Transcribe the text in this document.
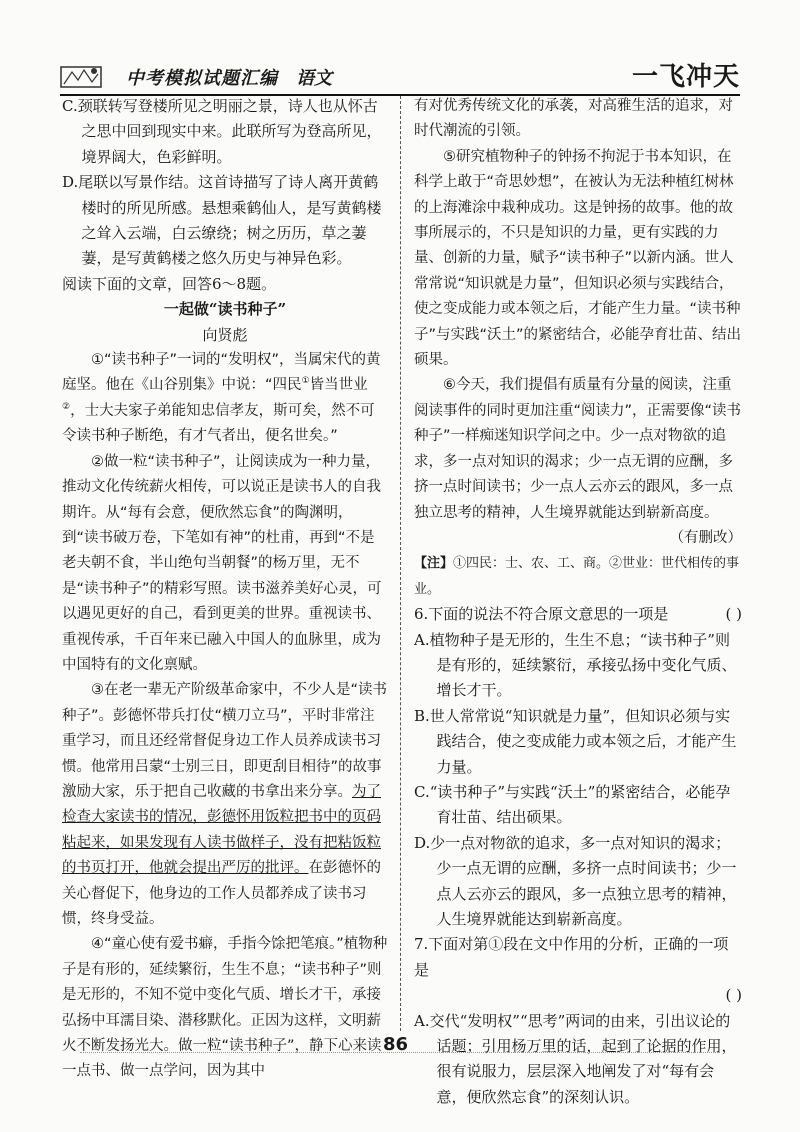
中考模拟试题汇编 语文	一飞冲天

C.颈联转写登楼所见之明丽之景，诗人也从怀古之思中回到现实中来。此联所写为登高所见，境界阔大，色彩鲜明。

D.尾联以写景作结。这首诗描写了诗人离开黄鹤楼时的所见所感。悬想乘鹤仙人，是写黄鹤楼之耸入云端，白云缭绕；树之历历，草之萋萋，是写黄鹤楼之悠久历史与神异色彩。

阅读下面的文章，回答6～8题。

一起做“读书种子”

向贤彪

①“读书种子”一词的“发明权”，当属宋代的黄庭坚。他在《山谷别集》中说：“四民①皆当世业②，士大夫家子弟能知忠信孝友，斯可矣，然不可令读书种子断绝，有才气者出，便名世矣。”

②做一粒“读书种子”，让阅读成为一种力量，推动文化传统薪火相传，可以说正是读书人的自我期许。从“每有会意，便欣然忘食”的陶渊明，到“读书破万卷，下笔如有神”的杜甫，再到“不是老夫朝不食，半山绝句当朝餐”的杨万里，无不是“读书种子”的精彩写照。读书滋养美好心灵，可以遇见更好的自己，看到更美的世界。重视读书、重视传承，千百年来已融入中国人的血脉里，成为中国特有的文化禀赋。

③在老一辈无产阶级革命家中，不少人是“读书种子”。彭德怀带兵打仗“横刀立马”，平时非常注重学习，而且还经常督促身边工作人员养成读书习惯。他常用吕蒙“士别三日，即更刮目相待”的故事激励大家，乐于把自己收藏的书拿出来分享。为了检查大家读书的情况，彭德怀用饭粒把书中的页码粘起来，如果发现有人读书做样子，没有把粘饭粒的书页打开，他就会提出严厉的批评。在彭德怀的关心督促下，他身边的工作人员都养成了读书习惯，终身受益。

④“童心使有爱书癖，手指今馀把笔痕。”植物种子是有形的，延续繁衍，生生不息；“读书种子”则是无形的，不知不觉中变化气质、增长才干，承接弘扬中耳濡目染、潜移默化。正因为这样，文明薪火不断发扬光大。做一粒“读书种子”，静下心来读一点书、做一点学问，因为其中

有对优秀传统文化的承袭，对高雅生活的追求，对时代潮流的引领。

⑤研究植物种子的钟扬不拘泥于书本知识，在科学上敢于“奇思妙想”，在被认为无法种植红树林的上海滩涂中栽种成功。这是钟扬的故事。他的故事所展示的，不只是知识的力量，更有实践的力量、创新的力量，赋予“读书种子”以新内涵。世人常常说“知识就是力量”，但知识必须与实践结合，使之变成能力或本领之后，才能产生力量。“读书种子”与实践“沃土”的紧密结合，必能孕育壮苗、结出硕果。

⑥今天，我们提倡有质量有分量的阅读，注重阅读事件的同时更加注重“阅读力”，正需要像“读书种子”一样痴迷知识学问之中。少一点对物欲的追求，多一点对知识的渴求；少一点无谓的应酬，多挤一点时间读书；少一点人云亦云的跟风，多一点独立思考的精神，人生境界就能达到崭新高度。

（有删改）

【注】①四民：士、农、工、商。②世业：世代相传的事业。

6.下面的说法不符合原文意思的一项是	( )

A.植物种子是无形的，生生不息；“读书种子”则是有形的，延续繁衍，承接弘扬中变化气质、增长才干。

B.世人常常说“知识就是力量”，但知识必须与实践结合，使之变成能力或本领之后，才能产生力量。

C.“读书种子”与实践“沃土”的紧密结合，必能孕育壮苗、结出硕果。

D.少一点对物欲的追求，多一点对知识的渴求；少一点无谓的应酬，多挤一点时间读书；少一点人云亦云的跟风，多一点独立思考的精神，人生境界就能达到崭新高度。

7.下面对第①段在文中作用的分析，正确的一项是

( )

A.交代“发明权”“思考”两词的由来，引出议论的话题；引用杨万里的话，起到了论据的作用，很有说服力，层层深入地阐发了对“每有会意，便欣然忘食”的深刻认识。

86
